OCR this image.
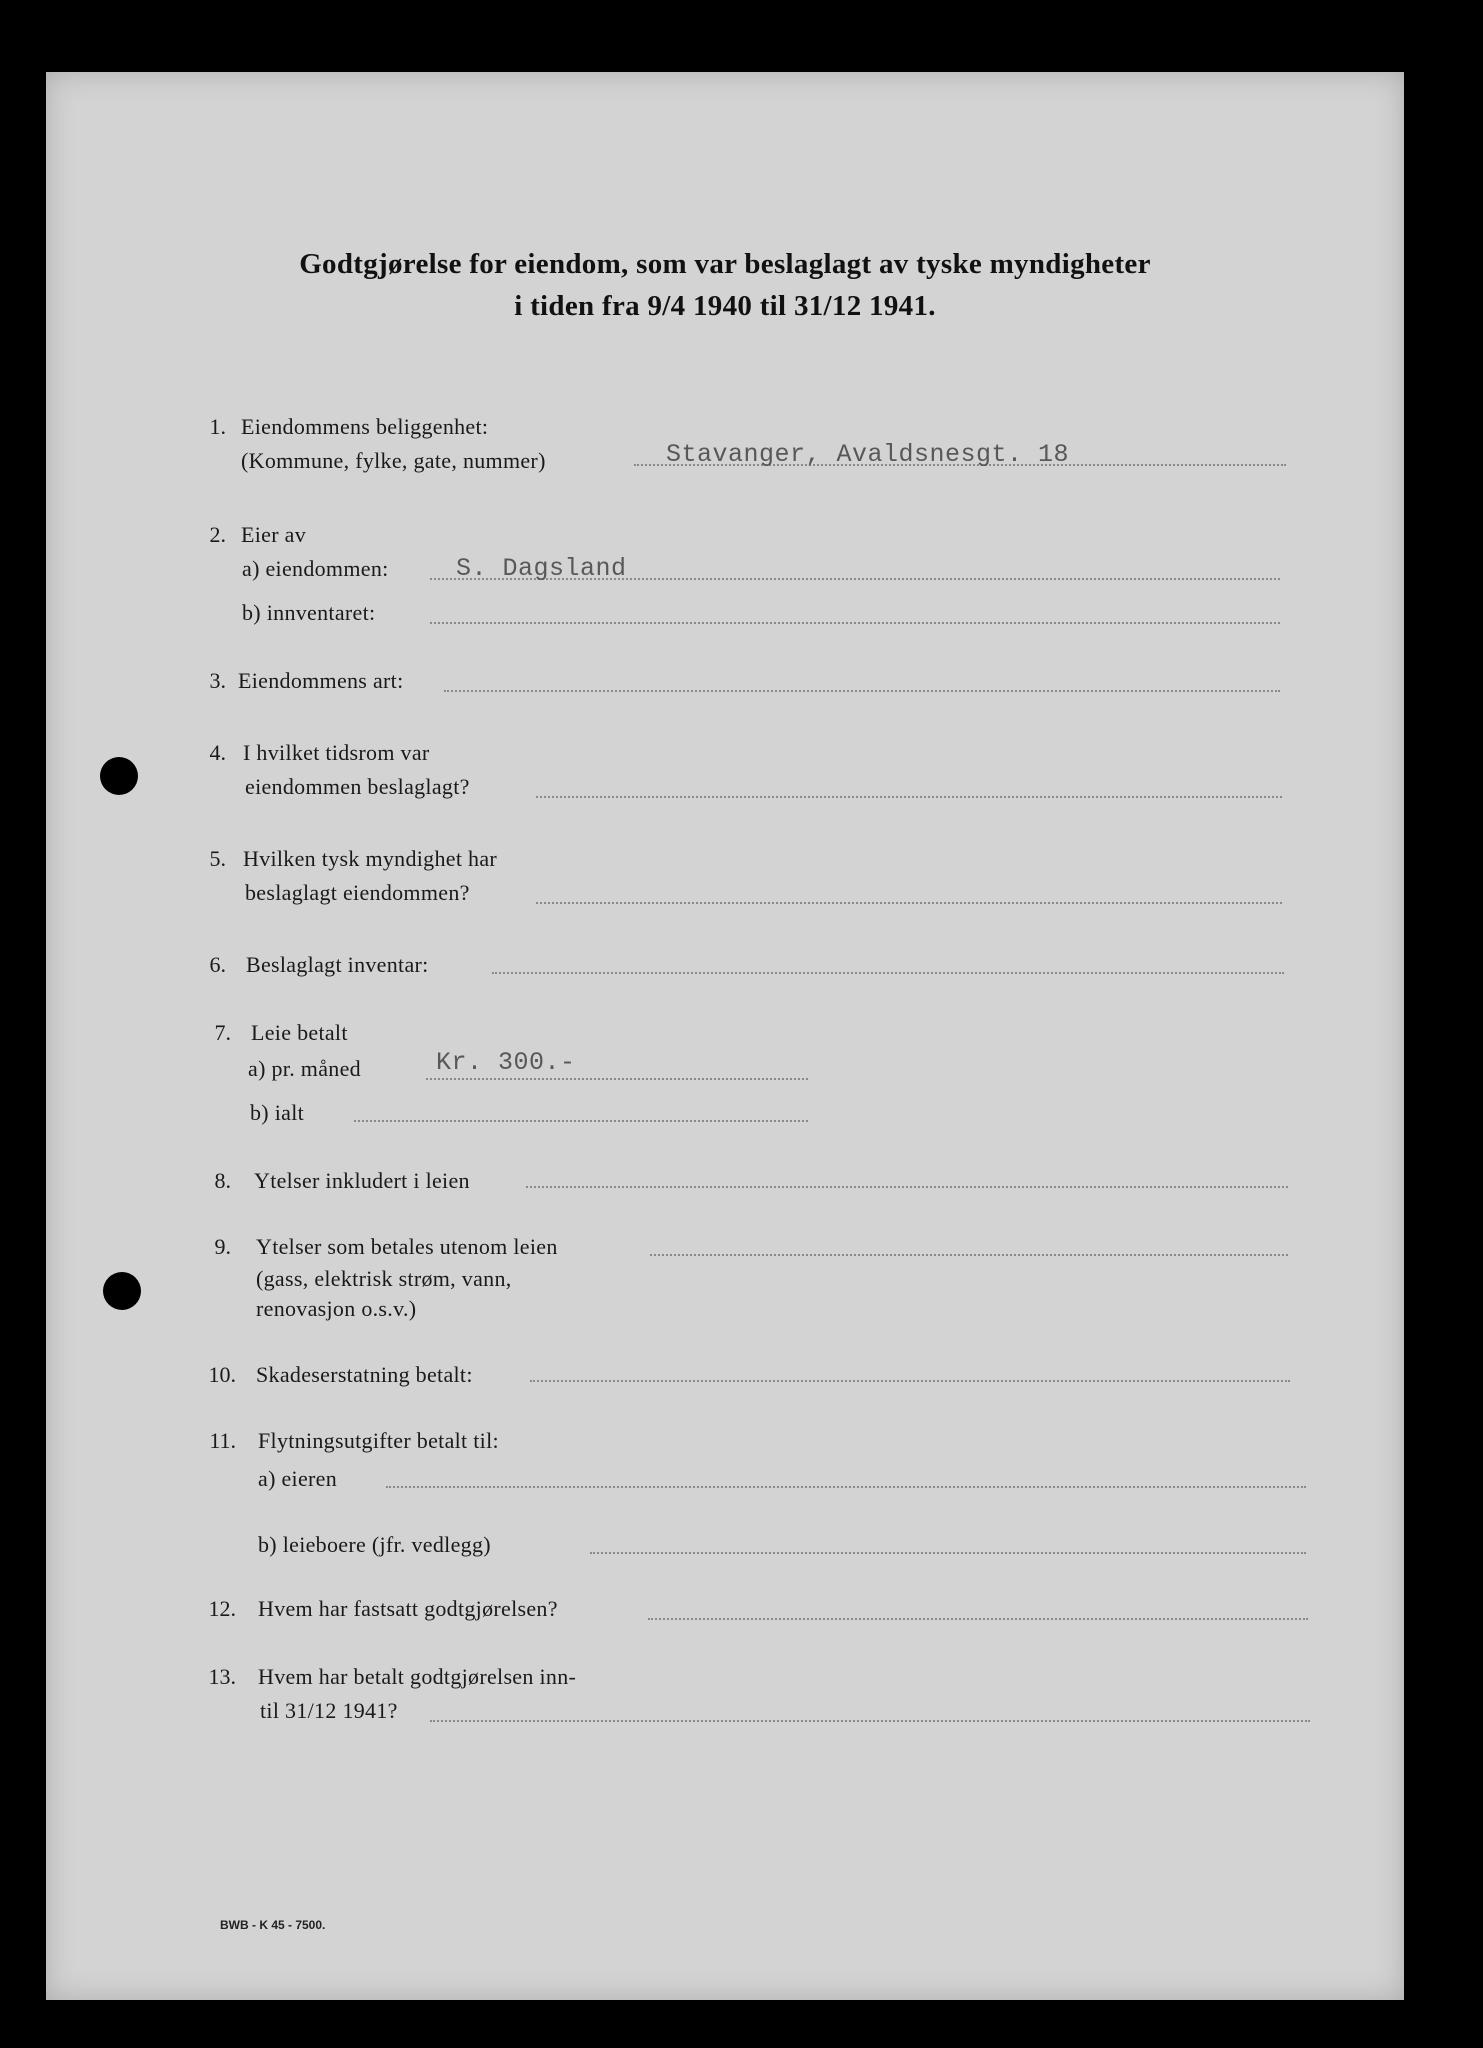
Godtgjørelse for eiendom, som var beslaglagt av tyske myndigheter
i tiden fra 9/4 1940 til 31/12 1941.
1. Eiendommens beliggenhet:
(Kommune, fylke, gate, nummer)	Stavanger, Avaldsnesgt. 18
2. Eier av
a) eiendommen:	S. Dagsland
b) innventaret:
3. Eiendommens art:
4. I hvilket tidsrom var
eiendommen beslaglagt?
5. Hvilken tysk myndighet har
beslaglagt eiendommen?
6. Beslaglagt inventar:
7. Leie betalt
a) pr. måned	Kr. 300.-
b) ialt
8. Ytelser inkludert i leien
9. Ytelser som betales utenom leien
(gass, elektrisk strøm, vann,
renovasjon o.s.v.)
10. Skadeserstatning betalt:
11. Flytningsutgifter betalt til:
a) eieren
b) leieboere (jfr. vedlegg)
12. Hvem har fastsatt godtgjørelsen?
13. Hvem har betalt godtgjørelsen inn-
til 31/12 1941?
BWB - K 45 - 7500.
